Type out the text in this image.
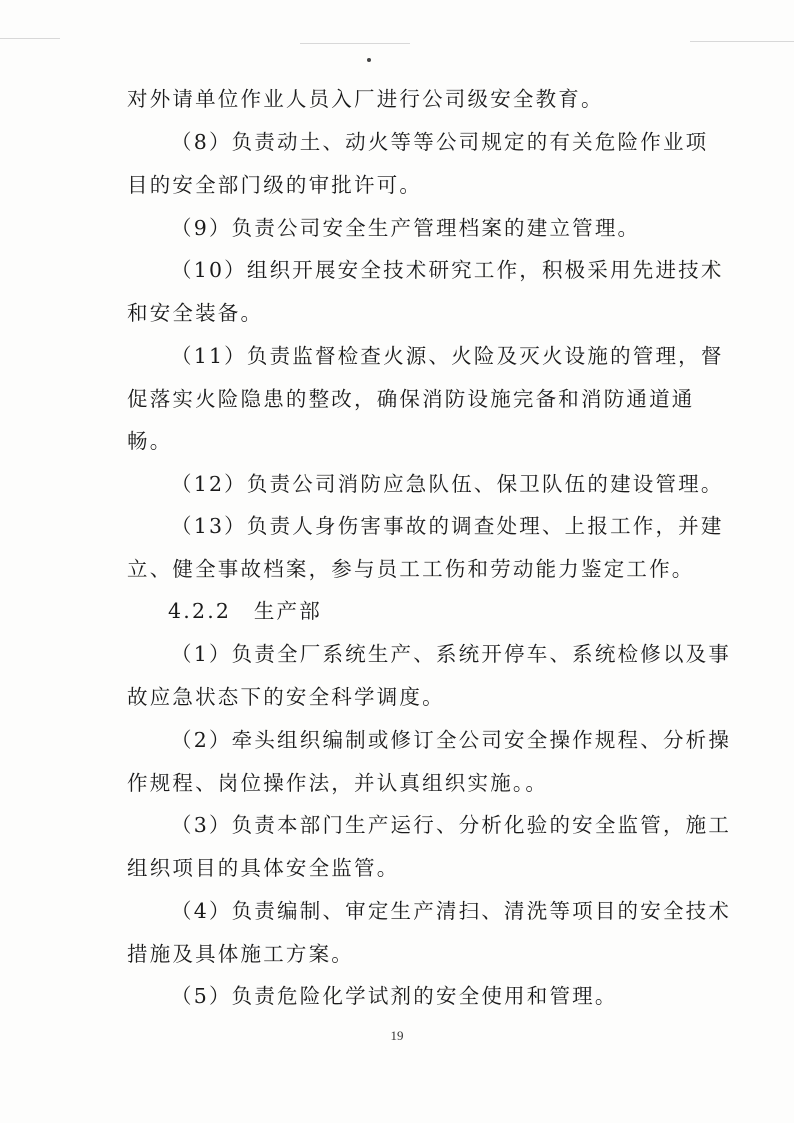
对外请单位作业人员入厂进行公司级安全教育。
（8）负责动土、动火等等公司规定的有关危险作业项
目的安全部门级的审批许可。
（9）负责公司安全生产管理档案的建立管理。
（10）组织开展安全技术研究工作，积极采用先进技术
和安全装备。
（11）负责监督检查火源、火险及灭火设施的管理，督
促落实火险隐患的整改，确保消防设施完备和消防通道通
畅。
（12）负责公司消防应急队伍、保卫队伍的建设管理。
（13）负责人身伤害事故的调查处理、上报工作，并建
立、健全事故档案，参与员工工伤和劳动能力鉴定工作。
4.2.2　生产部
（1）负责全厂系统生产、系统开停车、系统检修以及事
故应急状态下的安全科学调度。
（2）牵头组织编制或修订全公司安全操作规程、分析操
作规程、岗位操作法，并认真组织实施。。
（3）负责本部门生产运行、分析化验的安全监管，施工
组织项目的具体安全监管。
（4）负责编制、审定生产清扫、清洗等项目的安全技术
措施及具体施工方案。
（5）负责危险化学试剂的安全使用和管理。
19
